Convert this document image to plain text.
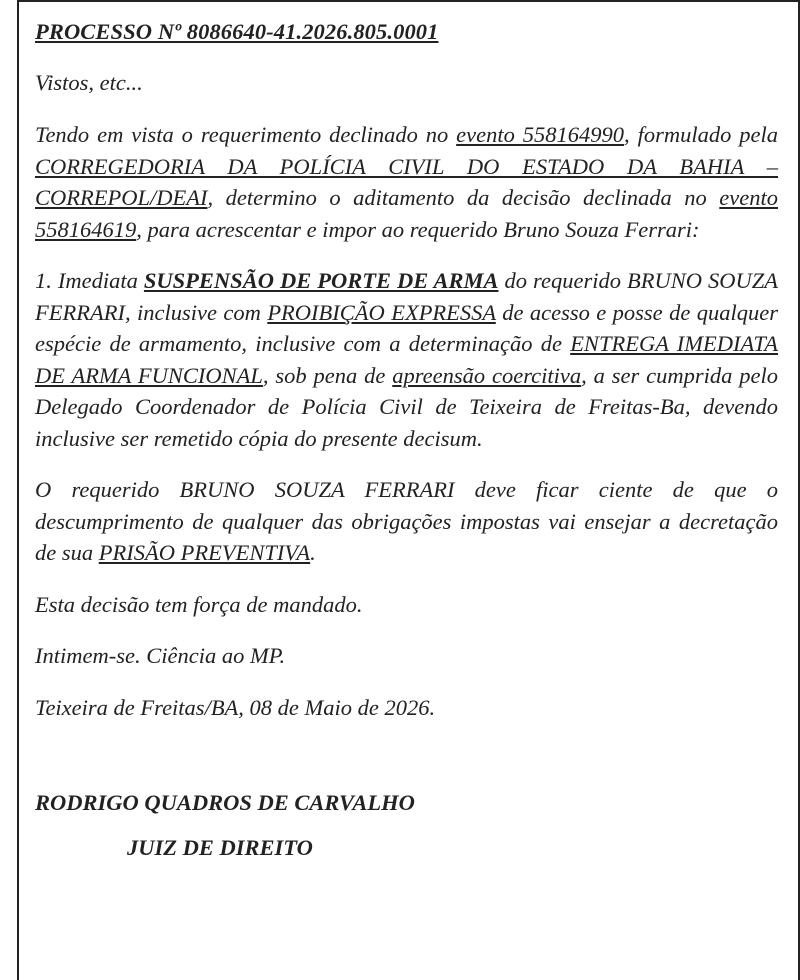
PROCESSO Nº 8086640-41.2026.805.0001

Vistos, etc...

Tendo em vista o requerimento declinado no evento 558164990, formulado pela CORREGEDORIA DA POLÍCIA CIVIL DO ESTADO DA BAHIA – CORREPOL/DEAI, determino o aditamento da decisão declinada no evento 558164619, para acrescentar e impor ao requerido Bruno Souza Ferrari:

1. Imediata SUSPENSÃO DE PORTE DE ARMA do requerido BRUNO SOUZA FERRARI, inclusive com PROIBIÇÃO EXPRESSA de acesso e posse de qualquer espécie de armamento, inclusive com a determinação de ENTREGA IMEDIATA DE ARMA FUNCIONAL, sob pena de apreensão coercitiva, a ser cumprida pelo Delegado Coordenador de Polícia Civil de Teixeira de Freitas-Ba, devendo inclusive ser remetido cópia do presente decisum.

O requerido BRUNO SOUZA FERRARI deve ficar ciente de que o descumprimento de qualquer das obrigações impostas vai ensejar a decretação de sua PRISÃO PREVENTIVA.

Esta decisão tem força de mandado.

Intimem-se. Ciência ao MP.

Teixeira de Freitas/BA, 08 de Maio de 2026.

RODRIGO QUADROS DE CARVALHO

JUIZ DE DIREITO
